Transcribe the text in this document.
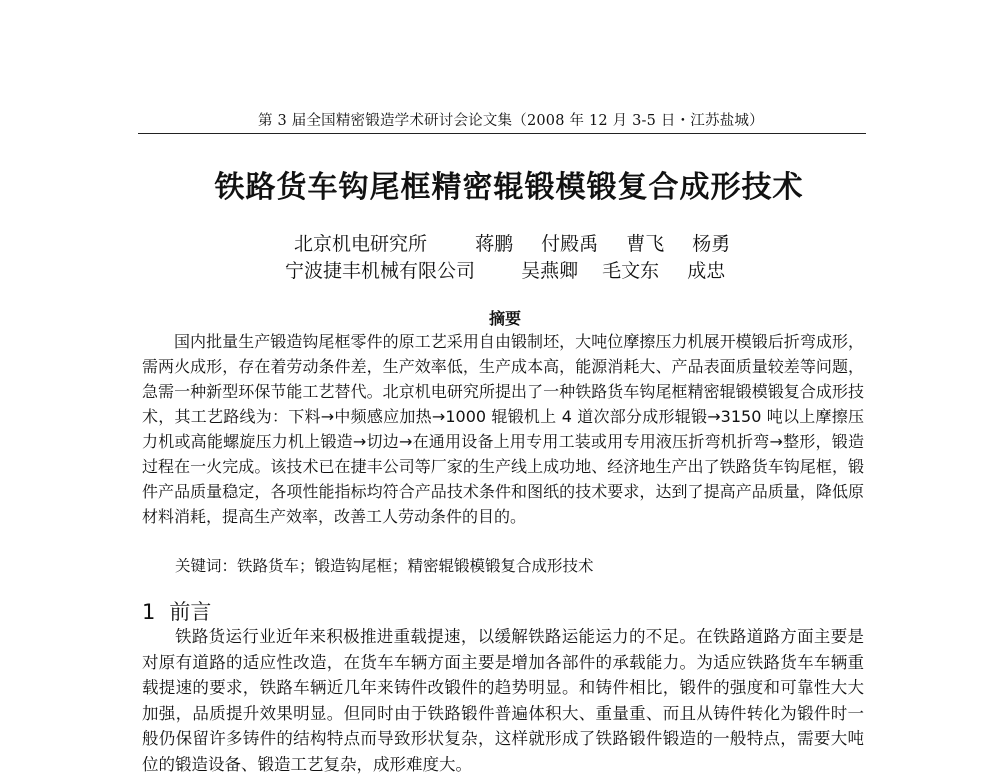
第 3 届全国精密锻造学术研讨会论文集（2008 年 12 月 3-5 日・江苏盐城）
铁路货车钩尾框精密辊锻模锻复合成形技术
北京机电研究所	蒋鹏 付殿禹 曹飞 杨勇
宁波捷丰机械有限公司 吴燕卿 毛文东 成忠
摘要

国内批量生产锻造钩尾框零件的原工艺采用自由锻制坯，大吨位摩擦压力机展开模锻后折弯成形，需两火成形，存在着劳动条件差，生产效率低，生产成本高，能源消耗大、产品表面质量较差等问题，急需一种新型环保节能工艺替代。北京机电研究所提出了一种铁路货车钩尾框精密辊锻模锻复合成形技术，其工艺路线为：下料→中频感应加热→1000 辊锻机上 4 道次部分成形辊锻→3150 吨以上摩擦压力机或高能螺旋压力机上锻造→切边→在通用设备上用专用工装或用专用液压折弯机折弯→整形，锻造过程在一火完成。该技术已在捷丰公司等厂家的生产线上成功地、经济地生产出了铁路货车钩尾框，锻件产品质量稳定，各项性能指标均符合产品技术条件和图纸的技术要求，达到了提高产品质量，降低原材料消耗，提高生产效率，改善工人劳动条件的目的。

关键词：铁路货车；锻造钩尾框；精密辊锻模锻复合成形技术
1 前言

铁路货运行业近年来积极推进重载提速，以缓解铁路运能运力的不足。在铁路道路方面主要是对原有道路的适应性改造，在货车车辆方面主要是增加各部件的承载能力。为适应铁路货车车辆重载提速的要求，铁路车辆近几年来铸件改锻件的趋势明显。和铸件相比，锻件的强度和可靠性大大加强，品质提升效果明显。但同时由于铁路锻件普遍体积大、重量重、而且从铸件转化为锻件时一般仍保留许多铸件的结构特点而导致形状复杂，这样就形成了铁路锻件锻造的一般特点，需要大吨位的锻造设备、锻造工艺复杂，成形难度大。
